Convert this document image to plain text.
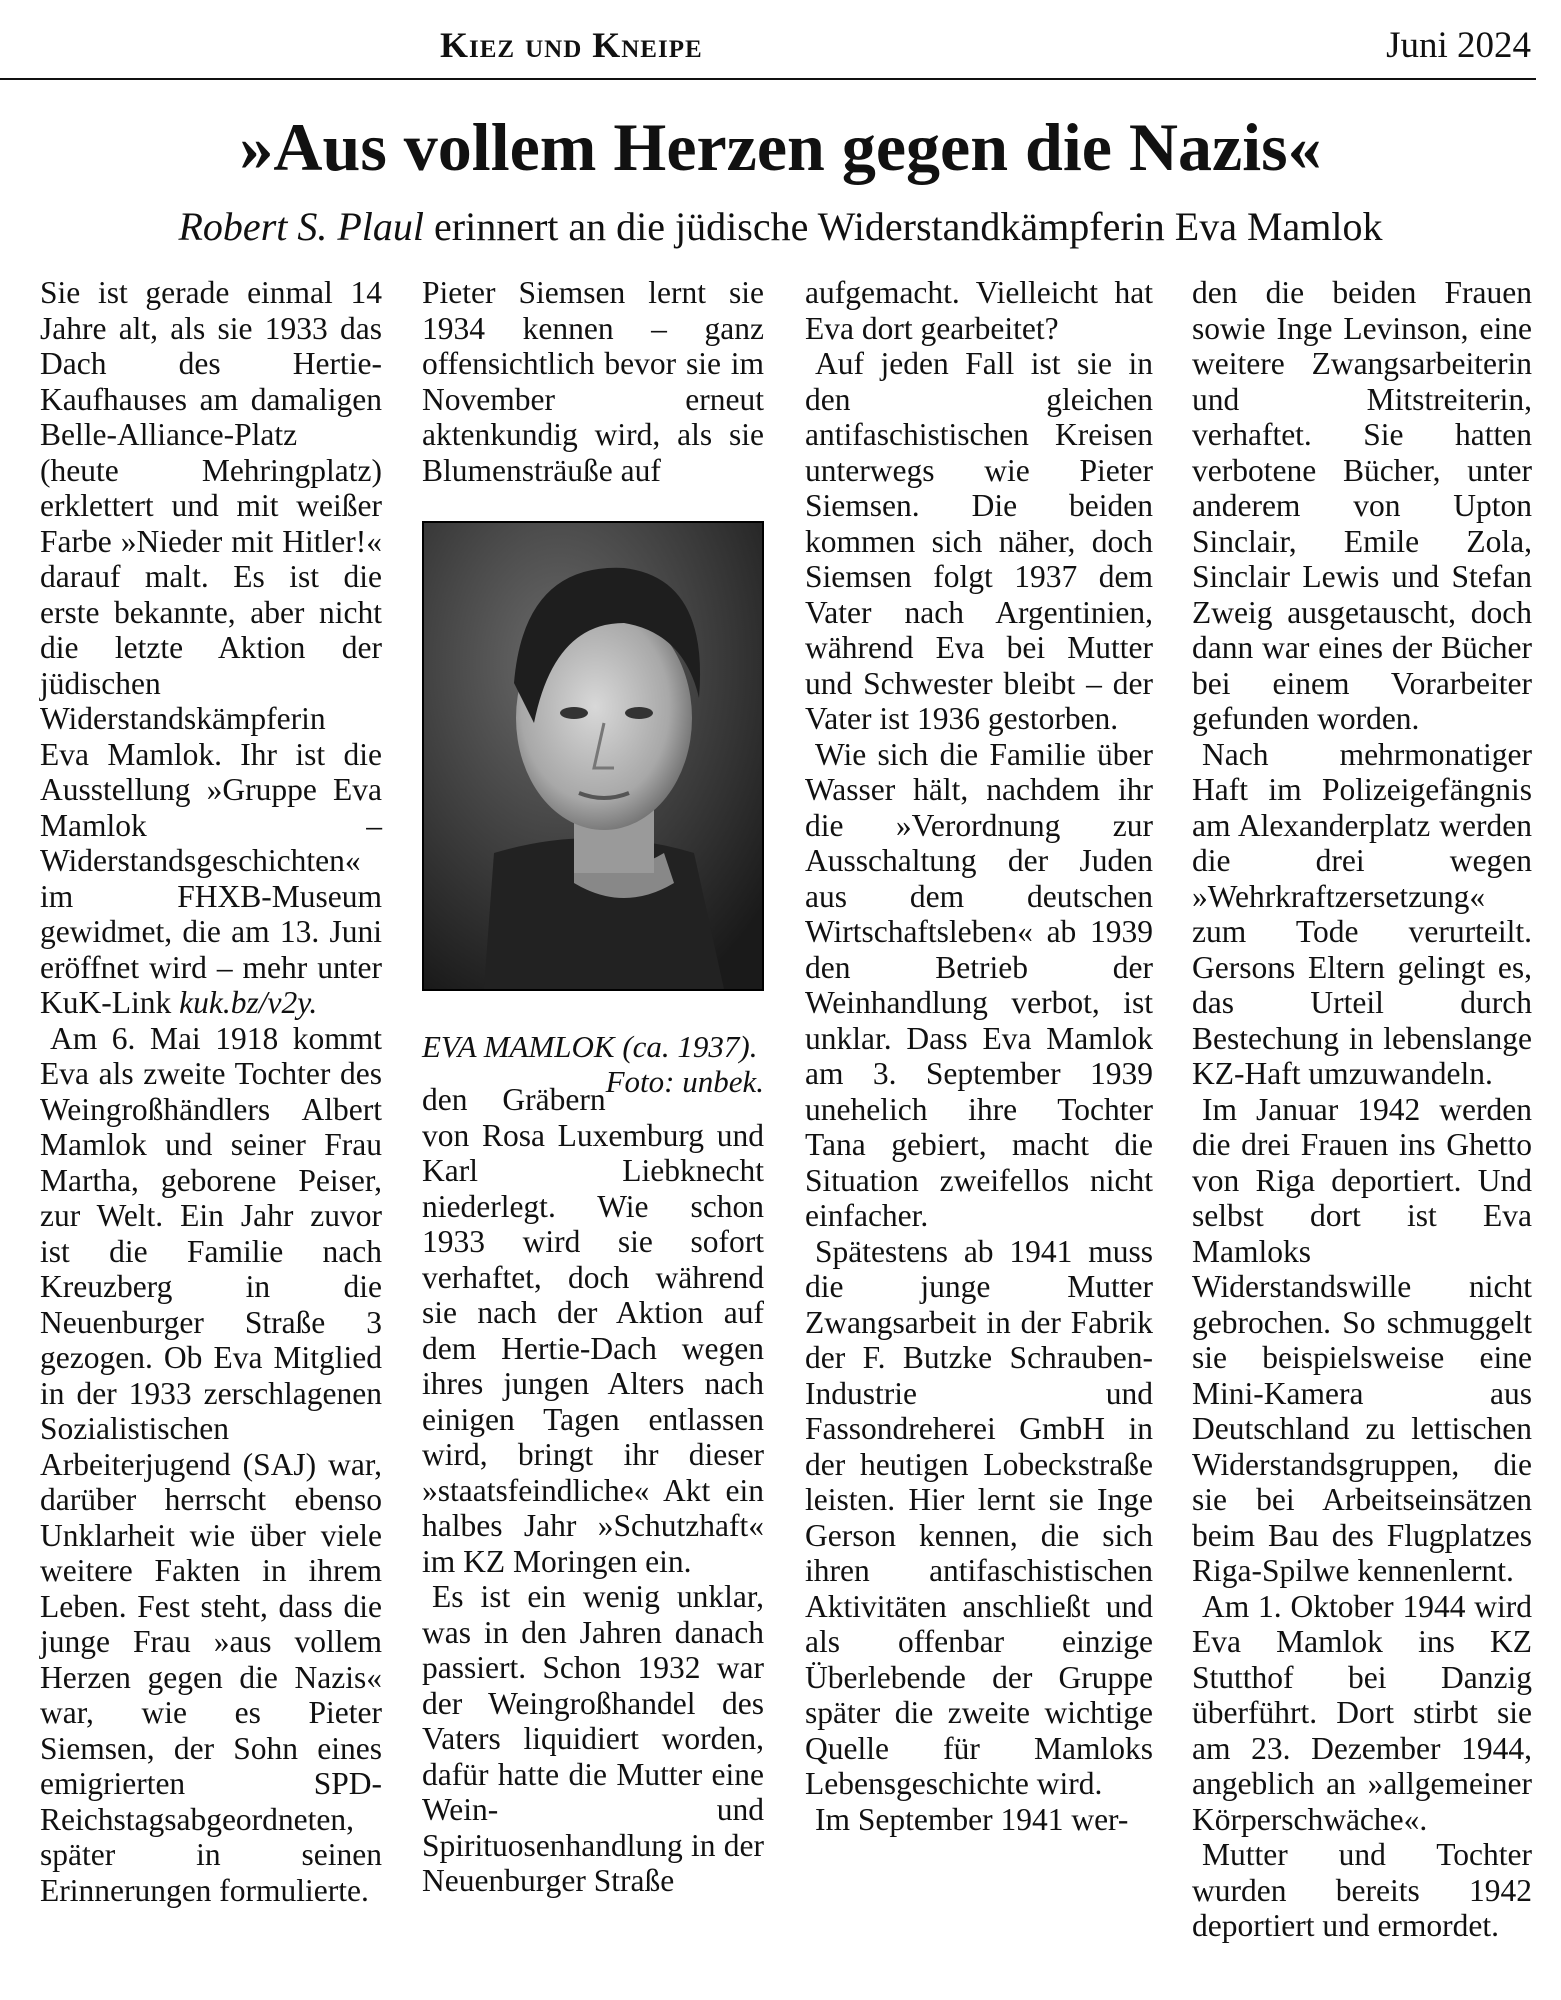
Kiez und Kneipe	Juni 2024
»Aus vollem Herzen gegen die Nazis«
Robert S. Plaul erinnert an die jüdische Widerstandkämpferin Eva Mamlok

Sie ist gerade einmal 14 Jahre alt, als sie 1933 das Dach des Hertie-Kaufhauses am damaligen Belle-Alliance-Platz (heute Mehringplatz) erklettert und mit weißer Farbe »Nieder mit Hitler!« darauf malt. Es ist die erste bekannte, aber nicht die letzte Aktion der jüdischen Widerstandskämpferin Eva Mamlok. Ihr ist die Ausstellung »Gruppe Eva Mamlok – Widerstandsgeschichten« im FHXB-Museum gewidmet, die am 13. Juni eröffnet wird – mehr unter KuK-Link kuk.bz/v2y.

Am 6. Mai 1918 kommt Eva als zweite Tochter des Weingroßhändlers Albert Mamlok und seiner Frau Martha, geborene Peiser, zur Welt. Ein Jahr zuvor ist die Familie nach Kreuzberg in die Neuenburger Straße 3 gezogen. Ob Eva Mitglied in der 1933 zerschlagenen Sozialistischen Arbeiterjugend (SAJ) war, darüber herrscht ebenso Unklarheit wie über viele weitere Fakten in ihrem Leben. Fest steht, dass die junge Frau »aus vollem Herzen gegen die Nazis« war, wie es Pieter Siemsen, der Sohn eines emigrierten SPD-Reichstagsabgeordneten, später in seinen Erinnerungen formulierte.

Pieter Siemsen lernt sie 1934 kennen – ganz offensichtlich bevor sie im November erneut aktenkundig wird, als sie Blumensträuße auf
EVA MAMLOK (ca. 1937).
Foto: unbek.

den Gräbern von Rosa Luxemburg und Karl Liebknecht niederlegt. Wie schon 1933 wird sie sofort verhaftet, doch während sie nach der Aktion auf dem Hertie-Dach wegen ihres jungen Alters nach einigen Tagen entlassen wird, bringt ihr dieser »staatsfeindliche« Akt ein halbes Jahr »Schutzhaft« im KZ Moringen ein.

Es ist ein wenig unklar, was in den Jahren danach passiert. Schon 1932 war der Weingroßhandel des Vaters liquidiert worden, dafür hatte die Mutter eine Wein- und Spirituosenhandlung in der Neuenburger Straße

aufgemacht. Vielleicht hat Eva dort gearbeitet?

Auf jeden Fall ist sie in den gleichen antifaschistischen Kreisen unterwegs wie Pieter Siemsen. Die beiden kommen sich näher, doch Siemsen folgt 1937 dem Vater nach Argentinien, während Eva bei Mutter und Schwester bleibt – der Vater ist 1936 gestorben.

Wie sich die Familie über Wasser hält, nachdem ihr die »Verordnung zur Ausschaltung der Juden aus dem deutschen Wirtschaftsleben« ab 1939 den Betrieb der Weinhandlung verbot, ist unklar. Dass Eva Mamlok am 3. September 1939 unehelich ihre Tochter Tana gebiert, macht die Situation zweifellos nicht einfacher.

Spätestens ab 1941 muss die junge Mutter Zwangsarbeit in der Fabrik der F. Butzke Schrauben-Industrie und Fassondreherei GmbH in der heutigen Lobeckstraße leisten. Hier lernt sie Inge Gerson kennen, die sich ihren antifaschistischen Aktivitäten anschließt und als offenbar einzige Überlebende der Gruppe später die zweite wichtige Quelle für Mamloks Lebensgeschichte wird.

Im September 1941 wer-

den die beiden Frauen sowie Inge Levinson, eine weitere Zwangsarbeiterin und Mitstreiterin, verhaftet. Sie hatten verbotene Bücher, unter anderem von Upton Sinclair, Emile Zola, Sinclair Lewis und Stefan Zweig ausgetauscht, doch dann war eines der Bücher bei einem Vorarbeiter gefunden worden.

Nach mehrmonatiger Haft im Polizeigefängnis am Alexanderplatz werden die drei wegen »Wehrkraftzersetzung« zum Tode verurteilt. Gersons Eltern gelingt es, das Urteil durch Bestechung in lebenslange KZ-Haft umzuwandeln.

Im Januar 1942 werden die drei Frauen ins Ghetto von Riga deportiert. Und selbst dort ist Eva Mamloks Widerstandswille nicht gebrochen. So schmuggelt sie beispielsweise eine Mini-Kamera aus Deutschland zu lettischen Widerstandsgruppen, die sie bei Arbeitseinsätzen beim Bau des Flugplatzes Riga-Spilwe kennenlernt.

Am 1. Oktober 1944 wird Eva Mamlok ins KZ Stutthof bei Danzig überführt. Dort stirbt sie am 23. Dezember 1944, angeblich an »allgemeiner Körperschwäche«.

Mutter und Tochter wurden bereits 1942 deportiert und ermordet.
